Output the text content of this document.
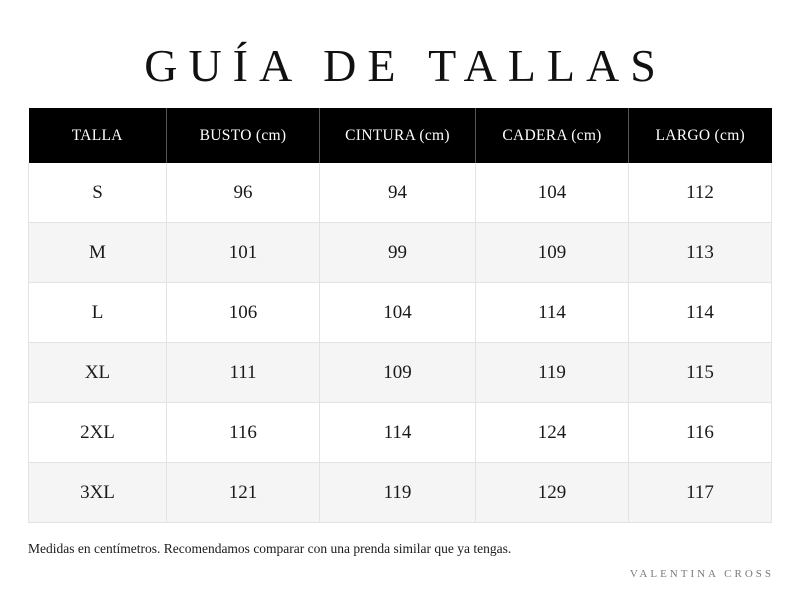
GUÍA DE TALLAS
TALLA	BUSTO (cm)	CINTURA (cm)	CADERA (cm)	LARGO (cm)
S	96	94	104	112
M	101	99	109	113
L	106	104	114	114
XL	111	109	119	115
2XL	116	114	124	116
3XL	121	119	129	117

Medidas en centímetros. Recomendamos comparar con una prenda similar que ya tengas.

VALENTINA CROSS
